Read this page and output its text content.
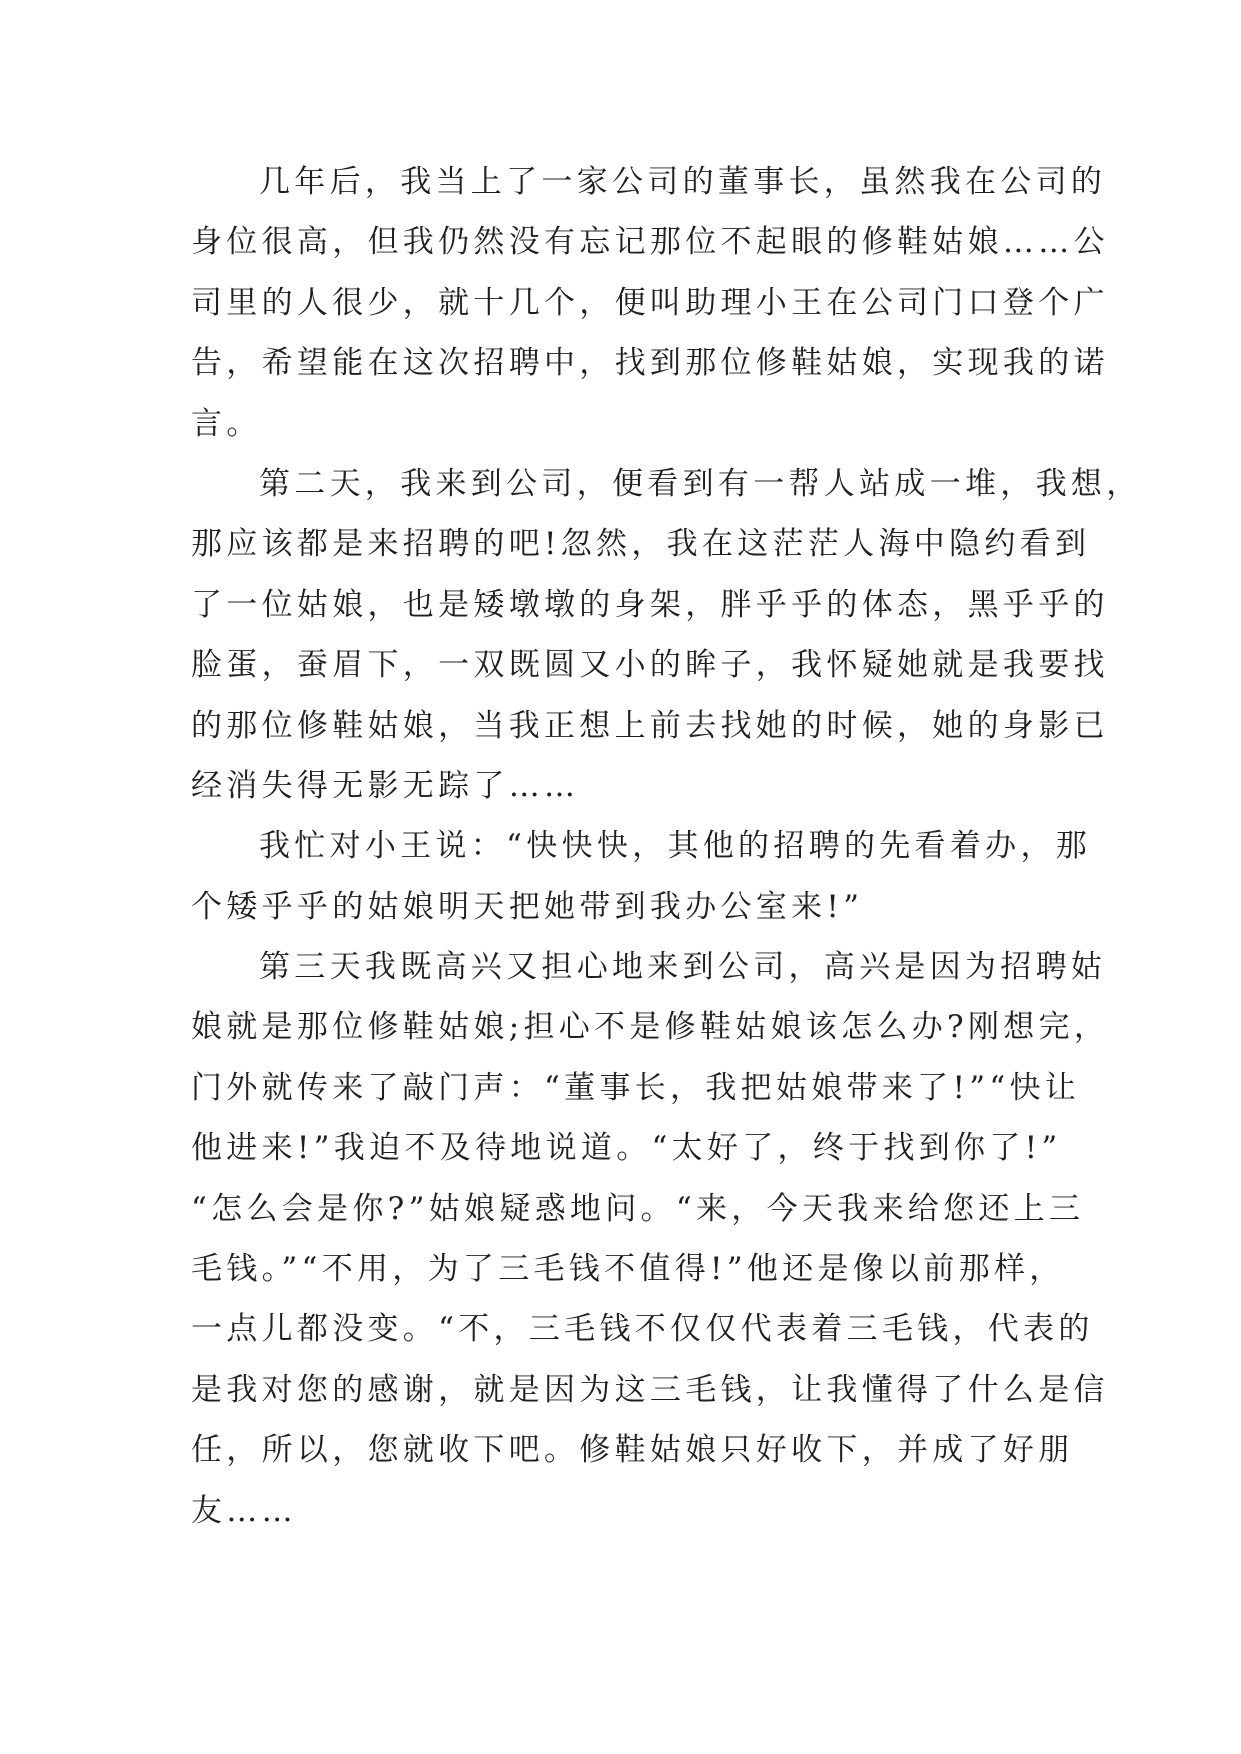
几年后，我当上了一家公司的董事长，虽然我在公司的
身位很高，但我仍然没有忘记那位不起眼的修鞋姑娘……公
司里的人很少，就十几个，便叫助理小王在公司门口登个广
告，希望能在这次招聘中，找到那位修鞋姑娘，实现我的诺
言。
第二天，我来到公司，便看到有一帮人站成一堆，我想，
那应该都是来招聘的吧!忽然，我在这茫茫人海中隐约看到
了一位姑娘，也是矮墩墩的身架，胖乎乎的体态，黑乎乎的
脸蛋，蚕眉下，一双既圆又小的眸子，我怀疑她就是我要找
的那位修鞋姑娘，当我正想上前去找她的时候，她的身影已
经消失得无影无踪了……
我忙对小王说：“快快快，其他的招聘的先看着办，那
个矮乎乎的姑娘明天把她带到我办公室来!”
第三天我既高兴又担心地来到公司，高兴是因为招聘姑
娘就是那位修鞋姑娘;担心不是修鞋姑娘该怎么办?刚想完，
门外就传来了敲门声：“董事长，我把姑娘带来了!”“快让
他进来!”我迫不及待地说道。“太好了，终于找到你了!”
“怎么会是你?”姑娘疑惑地问。“来，今天我来给您还上三
毛钱。”“不用，为了三毛钱不值得!”他还是像以前那样，
一点儿都没变。“不，三毛钱不仅仅代表着三毛钱，代表的
是我对您的感谢，就是因为这三毛钱，让我懂得了什么是信
任，所以，您就收下吧。修鞋姑娘只好收下，并成了好朋
友……
